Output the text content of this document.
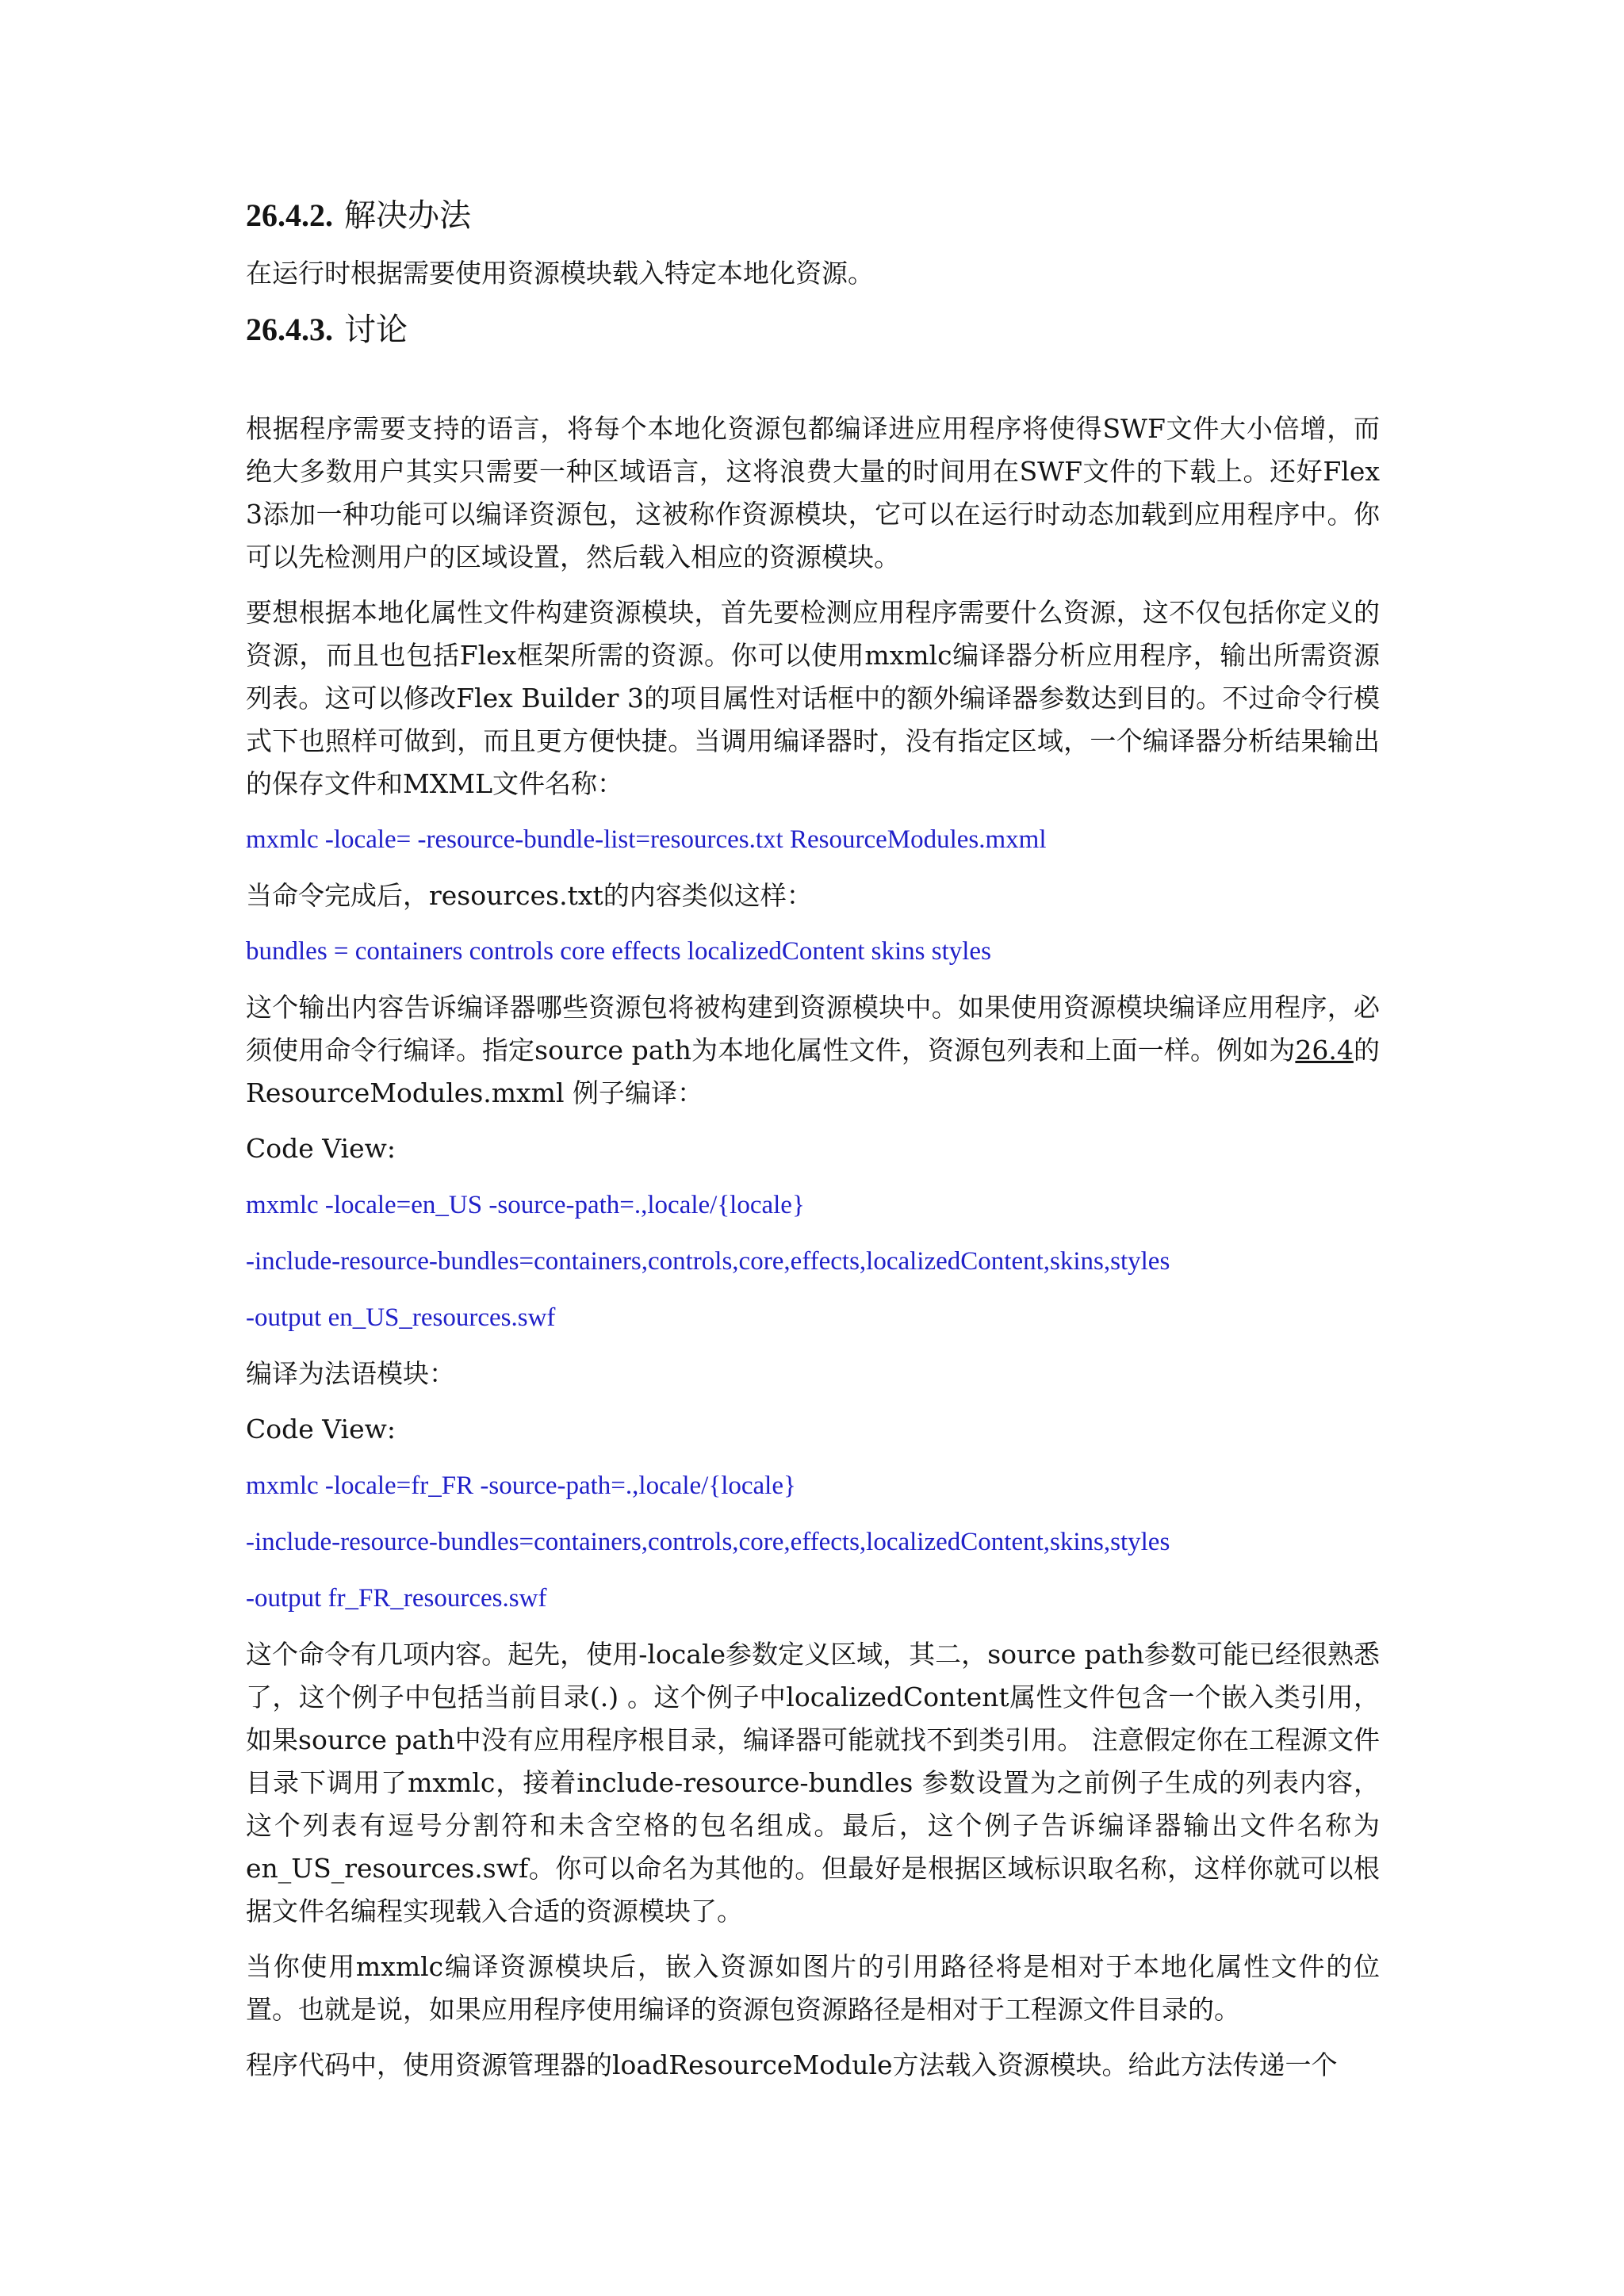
26.4.2. 解决办法

在运行时根据需要使用资源模块载入特定本地化资源。

26.4.3. 讨论

根据程序需要支持的语言，将每个本地化资源包都编译进应用程序将使得SWF文件大小倍增，而绝大多数用户其实只需要一种区域语言，这将浪费大量的时间用在SWF文件的下载上。还好Flex 3添加一种功能可以编译资源包，这被称作资源模块，它可以在运行时动态加载到应用程序中。你可以先检测用户的区域设置，然后载入相应的资源模块。

要想根据本地化属性文件构建资源模块，首先要检测应用程序需要什么资源，这不仅包括你定义的资源，而且也包括Flex框架所需的资源。你可以使用mxmlc编译器分析应用程序，输出所需资源列表。这可以修改Flex Builder 3的项目属性对话框中的额外编译器参数达到目的。不过命令行模式下也照样可做到，而且更方便快捷。当调用编译器时，没有指定区域，一个编译器分析结果输出的保存文件和MXML文件名称：

mxmlc -locale= -resource-bundle-list=resources.txt ResourceModules.mxml

当命令完成后，resources.txt的内容类似这样：

bundles = containers controls core effects localizedContent skins styles

这个输出内容告诉编译器哪些资源包将被构建到资源模块中。如果使用资源模块编译应用程序，必须使用命令行编译。指定source path为本地化属性文件，资源包列表和上面一样。例如为26.4的 ResourceModules.mxml 例子编译：

Code View:

mxmlc -locale=en_US -source-path=.,locale/{locale}

-include-resource-bundles=containers,controls,core,effects,localizedContent,skins,styles

-output en_US_resources.swf

编译为法语模块：

Code View:

mxmlc -locale=fr_FR -source-path=.,locale/{locale}

-include-resource-bundles=containers,controls,core,effects,localizedContent,skins,styles

-output fr_FR_resources.swf

这个命令有几项内容。起先，使用-locale参数定义区域，其二，source path参数可能已经很熟悉了，这个例子中包括当前目录(.) 。这个例子中localizedContent属性文件包含一个嵌入类引用，如果source path中没有应用程序根目录，编译器可能就找不到类引用。 注意假定你在工程源文件目录下调用了mxmlc，接着include-resource-bundles 参数设置为之前例子生成的列表内容，这个列表有逗号分割符和未含空格的包名组成。最后，这个例子告诉编译器输出文件名称为en_US_resources.swf。你可以命名为其他的。但最好是根据区域标识取名称，这样你就可以根据文件名编程实现载入合适的资源模块了。

当你使用mxmlc编译资源模块后，嵌入资源如图片的引用路径将是相对于本地化属性文件的位置。也就是说，如果应用程序使用编译的资源包资源路径是相对于工程源文件目录的。

程序代码中，使用资源管理器的loadResourceModule方法载入资源模块。给此方法传递一个
